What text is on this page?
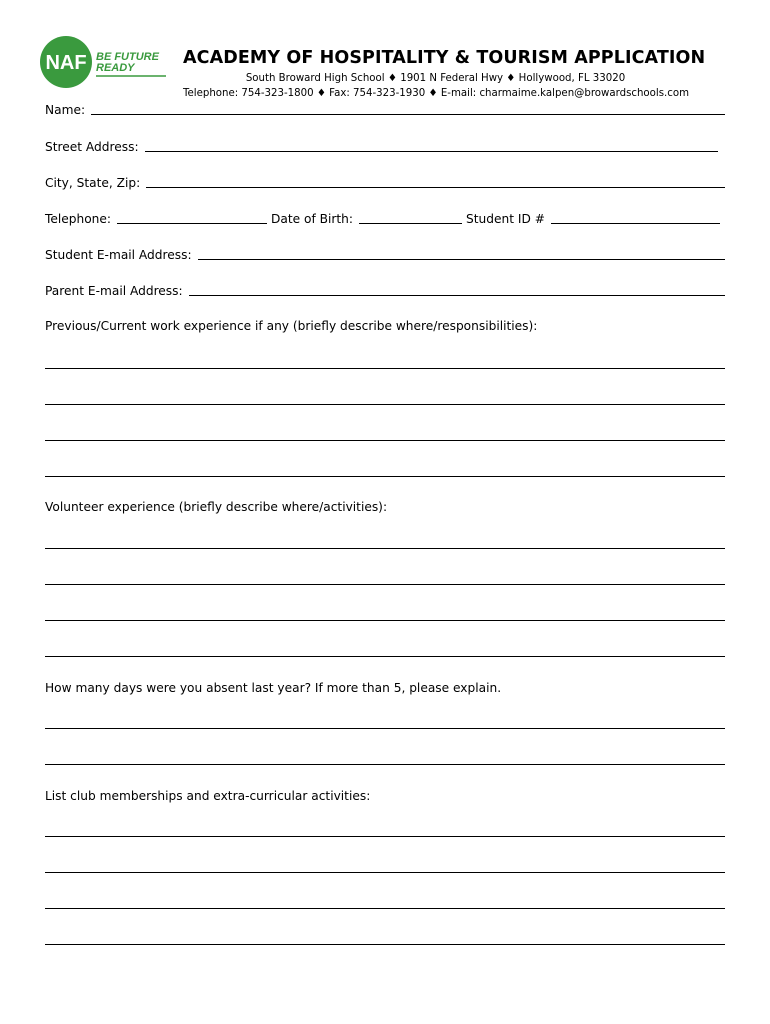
NAF BE FUTURE
READY	ACADEMY OF HOSPITALITY & TOURISM APPLICATION
South Broward High School ♦ 1901 N Federal Hwy ♦ Hollywood, FL 33020
Telephone: 754-323-1800 ♦ Fax: 754-323-1930 ♦ E-mail: charmaime.kalpen@browardschools.com
Name:
Street Address:
City, State, Zip:
Telephone:	Date of Birth:	Student ID #
Student E-mail Address:
Parent E-mail Address:
Previous/Current work experience if any (briefly describe where/responsibilities):
Volunteer experience (briefly describe where/activities):
How many days were you absent last year? If more than 5, please explain.
List club memberships and extra-curricular activities:
